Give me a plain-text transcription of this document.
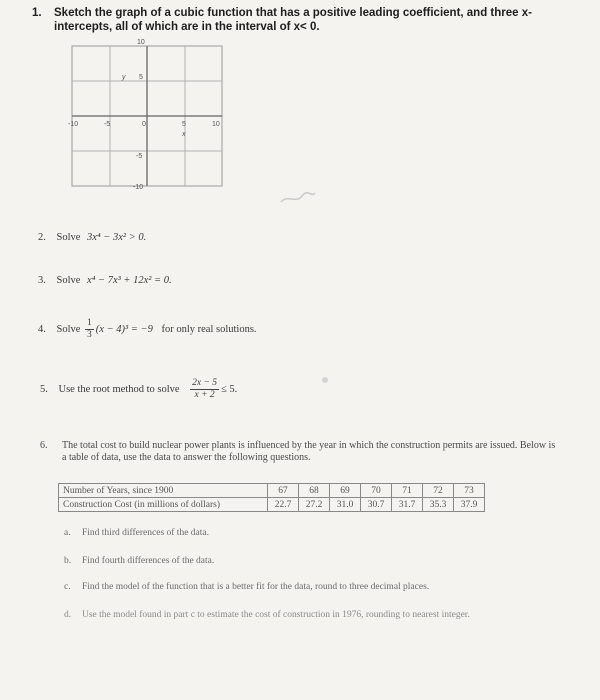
1. Sketch the graph of a cubic function that has a positive leading coefficient, and three x-intercepts, all of which are in the interval of x< 0.
10
y 5
-10	-5	0	5	10
x
-5
-10
2. Solve 3x⁴ − 3x² > 0.
3. Solve x⁴ − 7x³ + 12x² = 0.
4. Solve $\frac{1}{3} (x - 4)^3 = -9$ for only real solutions.
5. Use the root method to solve $\frac{2x - 5}{x + 2} \le 5$.
6. The total cost to build nuclear power plants is influenced by the year in which the construction permits are issued. Below is a table of data, use the data to answer the following questions.
Number of Years, since 1900	67	68	69	70	71	72	73
Construction Cost (in millions of dollars)	22.7	27.2	31.0	30.7	31.7	35.3	37.9
a. Find third differences of the data.
b. Find fourth differences of the data.
c. Find the model of the function that is a better fit for the data, round to three decimal places.
d.	Use the model found in part c to estimate the cost of construction in 1976, rounding to nearest integer.
